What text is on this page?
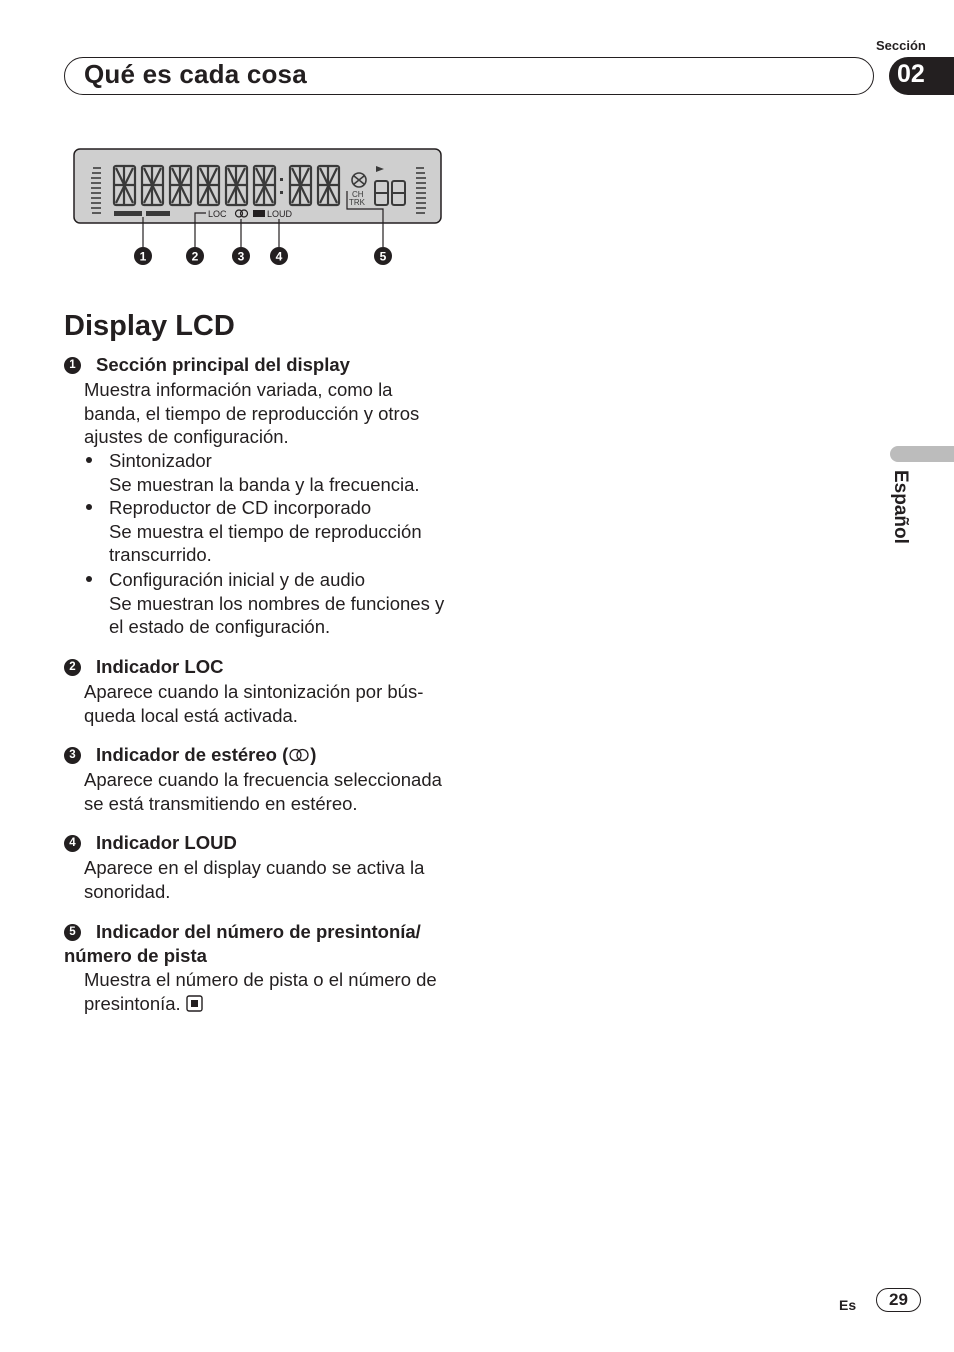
Sección
Qué es cada cosa	02
Español
CH
TRK
LOC	LOUD
1	2	3	4	5
Display LCD
1 Sección principal del display
Muestra información variada, como la
banda, el tiempo de reproducción y otros
ajustes de configuración.
Sintonizador
Se muestran la banda y la frecuencia.
Reproductor de CD incorporado
Se muestra el tiempo de reproducción
transcurrido.
Configuración inicial y de audio
Se muestran los nombres de funciones y
el estado de configuración.
2 Indicador LOC
Aparece cuando la sintonización por bús-
queda local está activada.
3 Indicador de estéreo ( )
Aparece cuando la frecuencia seleccionada
se está transmitiendo en estéreo.
4 Indicador LOUD
Aparece en el display cuando se activa la
sonoridad.
5 Indicador del número de presintonía/
número de pista
Muestra el número de pista o el número de
presintonía.
Es	29
